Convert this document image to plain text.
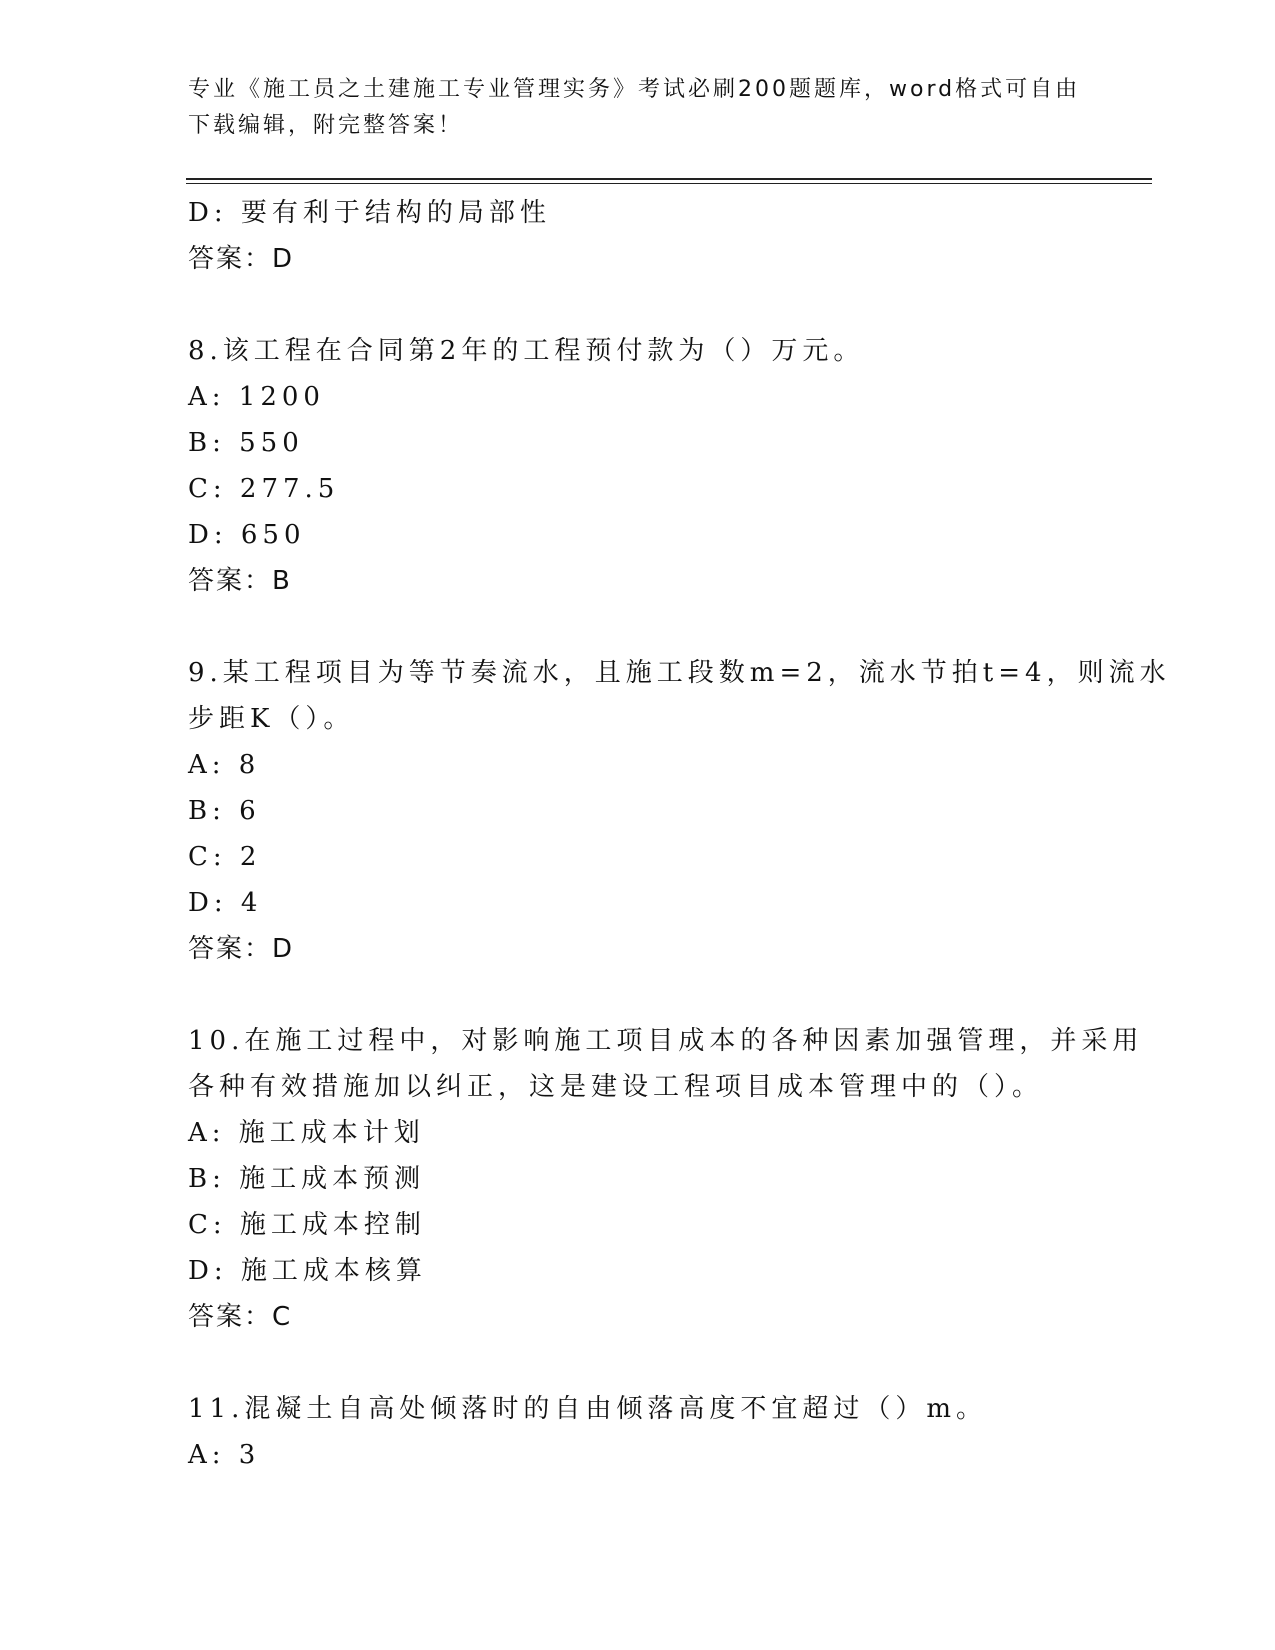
专业《施工员之土建施工专业管理实务》考试必刷200题题库，word格式可自由
下载编辑，附完整答案！
D: 要有利于结构的局部性
答案：D
8.该工程在合同第2年的工程预付款为（）万元。
A: 1200
B: 550
C: 277.5
D: 650
答案：B
9.某工程项目为等节奏流水，且施工段数m=2，流水节拍t=4，则流水
步距K（）。
A: 8
B: 6
C: 2
D: 4
答案：D
10.在施工过程中，对影响施工项目成本的各种因素加强管理，并采用
各种有效措施加以纠正，这是建设工程项目成本管理中的（）。
A: 施工成本计划
B: 施工成本预测
C: 施工成本控制
D: 施工成本核算
答案：C
11.混凝土自高处倾落时的自由倾落高度不宜超过（）m。
A: 3
